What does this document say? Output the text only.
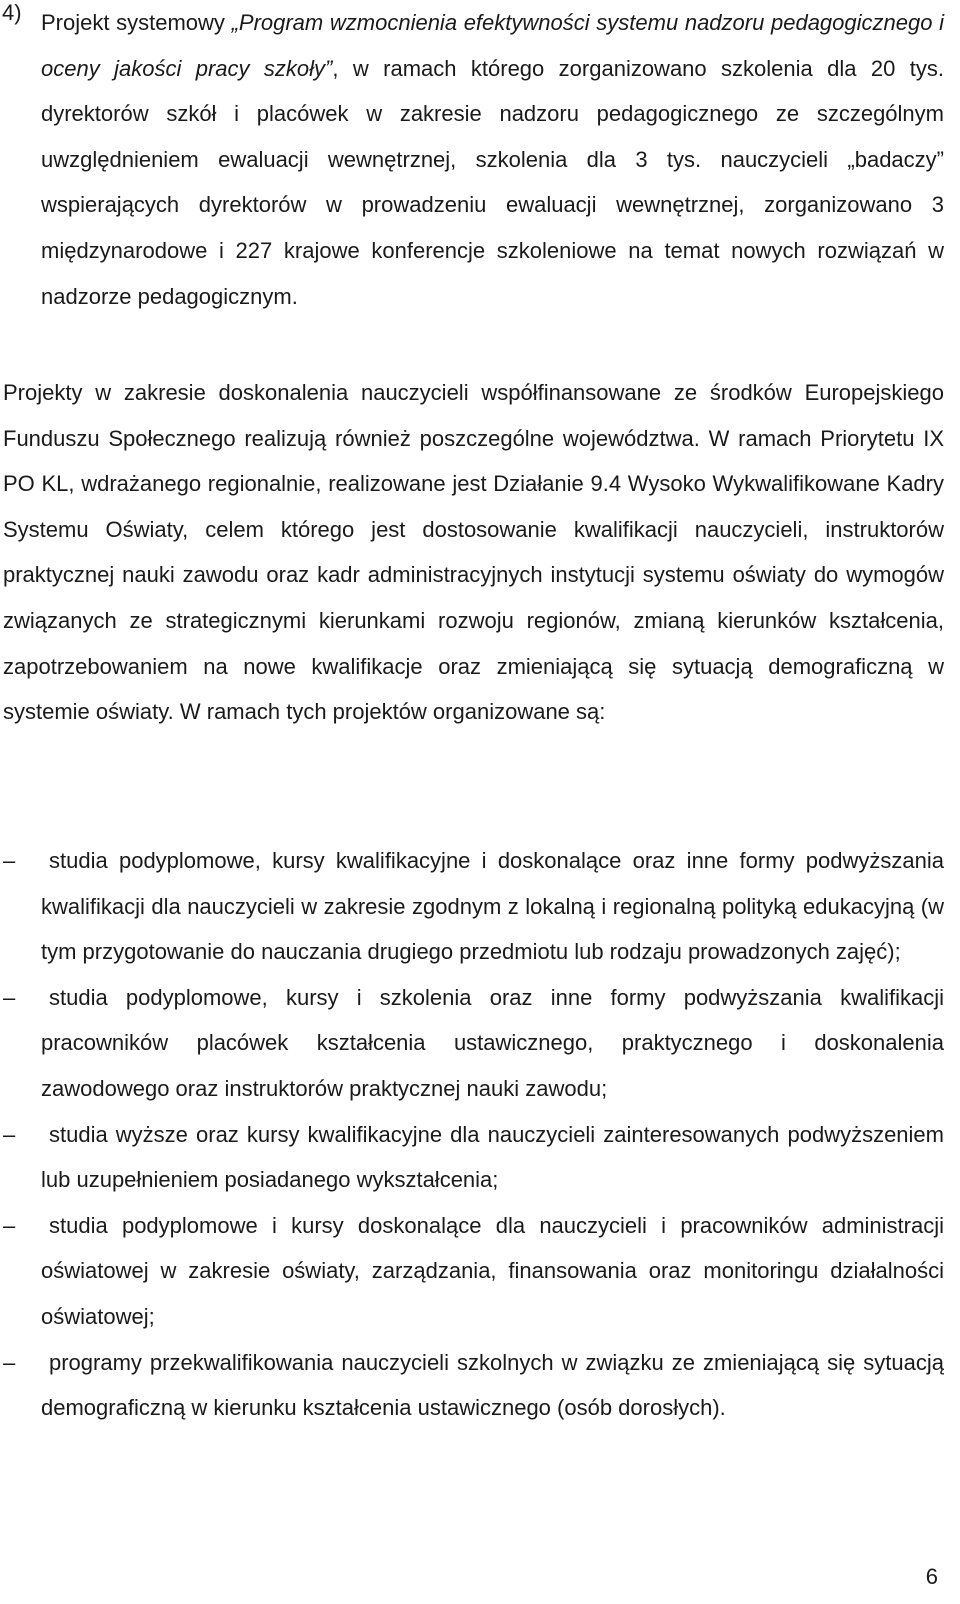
4) Projekt systemowy „Program wzmocnienia efektywności systemu nadzoru pedagogicznego i oceny jakości pracy szkoły”, w ramach którego zorganizowano szkolenia dla 20 tys. dyrektorów szkół i placówek w zakresie nadzoru pedagogicznego ze szczególnym uwzględnieniem ewaluacji wewnętrznej, szkolenia dla 3 tys. nauczycieli „badaczy” wspierających dyrektorów w prowadzeniu ewaluacji wewnętrznej, zorganizowano 3 międzynarodowe i 227 krajowe konferencje szkoleniowe na temat nowych rozwiązań w nadzorze pedagogicznym.

Projekty w zakresie doskonalenia nauczycieli współfinansowane ze środków Europejskiego Funduszu Społecznego realizują również poszczególne województwa. W ramach Priorytetu IX PO KL, wdrażanego regionalnie, realizowane jest Działanie 9.4 Wysoko Wykwalifikowane Kadry Systemu Oświaty, celem którego jest dostosowanie kwalifikacji nauczycieli, instruktorów praktycznej nauki zawodu oraz kadr administracyjnych instytucji systemu oświaty do wymogów związanych ze strategicznymi kierunkami rozwoju regionów, zmianą kierunków kształcenia, zapotrzebowaniem na nowe kwalifikacje oraz zmieniającą się sytuacją demograficzną w systemie oświaty. W ramach tych projektów organizowane są:

–	studia podyplomowe, kursy kwalifikacyjne i doskonalące oraz inne formy podwyższania kwalifikacji dla nauczycieli w zakresie zgodnym z lokalną i regionalną polityką edukacyjną (w tym przygotowanie do nauczania drugiego przedmiotu lub rodzaju prowadzonych zajęć);

–	studia podyplomowe, kursy i szkolenia oraz inne formy podwyższania kwalifikacji pracowników placówek kształcenia ustawicznego, praktycznego i doskonalenia zawodowego oraz instruktorów praktycznej nauki zawodu;

–	studia wyższe oraz kursy kwalifikacyjne dla nauczycieli zainteresowanych podwyższeniem lub uzupełnieniem posiadanego wykształcenia;

–	studia podyplomowe i kursy doskonalące dla nauczycieli i pracowników administracji oświatowej w zakresie oświaty, zarządzania, finansowania oraz monitoringu działalności oświatowej;

–	programy przekwalifikowania nauczycieli szkolnych w związku ze zmieniającą się sytuacją demograficzną w kierunku kształcenia ustawicznego (osób dorosłych).

6
